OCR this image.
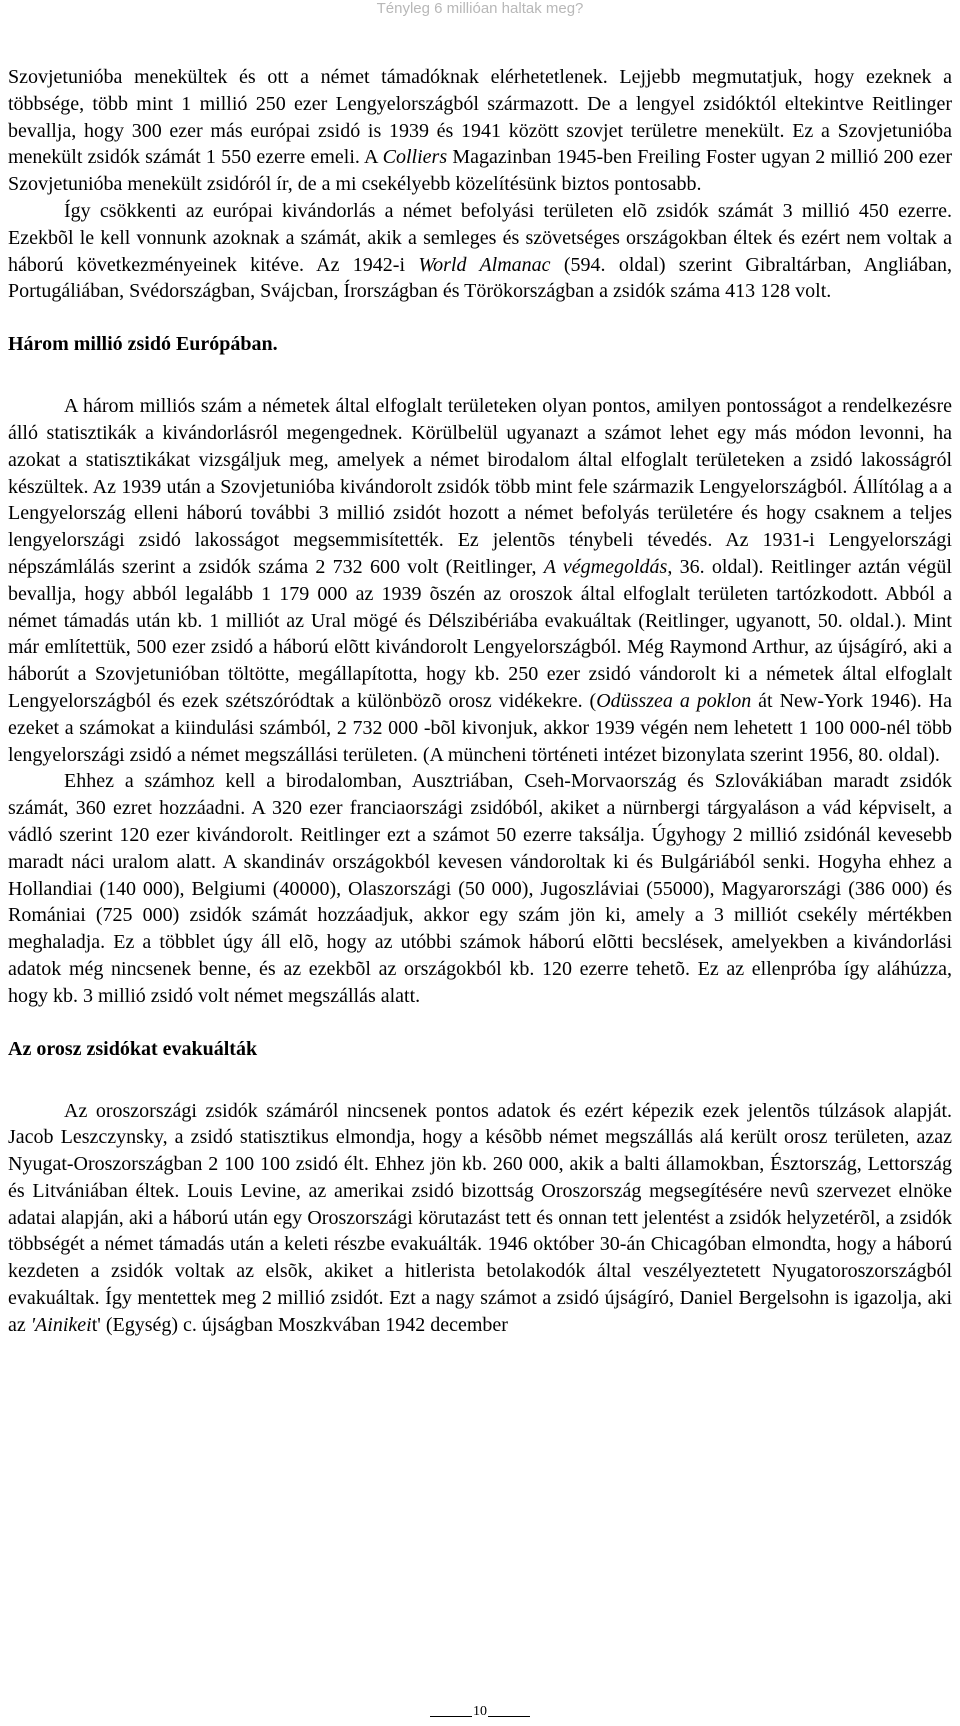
Tényleg 6 millióan haltak meg?

Szovjetunióba menekültek és ott a német támadóknak elérhetetlenek. Lejjebb megmutatjuk, hogy ezeknek a többsége, több mint 1 millió 250 ezer Lengyelországból származott. De a lengyel zsidóktól eltekintve Reitlinger bevallja, hogy 300 ezer más európai zsidó is 1939 és 1941 között szovjet területre menekült. Ez a Szovjetunióba menekült zsidók számát 1 550 ezerre emeli. A Colliers Magazinban 1945-ben Freiling Foster ugyan 2 millió 200 ezer Szovjetunióba menekült zsidóról ír, de a mi csekélyebb közelítésünk biztos pontosabb.

Így csökkenti az európai kivándorlás a német befolyási területen elõ zsidók számát 3 millió 450 ezerre. Ezekbõl le kell vonnunk azoknak a számát, akik a semleges és szövetséges országokban éltek és ezért nem voltak a háború következményeinek kitéve. Az 1942-i World Almanac (594. oldal) szerint Gibraltárban, Angliában, Portugáliában, Svédországban, Svájcban, Írországban és Törökországban a zsidók száma 413 128 volt.

Három millió zsidó Európában.

A három milliós szám a németek által elfoglalt területeken olyan pontos, amilyen pontosságot a rendelkezésre álló statisztikák a kivándorlásról megengednek. Körülbelül ugyanazt a számot lehet egy más módon levonni, ha azokat a statisztikákat vizsgáljuk meg, amelyek a német birodalom által elfoglalt területeken a zsidó lakosságról készültek. Az 1939 után a Szovjetunióba kivándorolt zsidók több mint fele származik Lengyelországból. Állítólag a a Lengyelország elleni háború további 3 millió zsidót hozott a német befolyás területére és hogy csaknem a teljes lengyelországi zsidó lakosságot megsemmisítették. Ez jelentõs ténybeli tévedés. Az 1931-i Lengyelországi népszámlálás szerint a zsidók száma 2 732 600 volt (Reitlinger, A végmegoldás, 36. oldal). Reitlinger aztán végül bevallja, hogy abból legalább 1 179 000 az 1939 õszén az oroszok által elfoglalt területen tartózkodott. Abból a német támadás után kb. 1 milliót az Ural mögé és Délszibériába evakuáltak (Reitlinger, ugyanott, 50. oldal.). Mint már említettük, 500 ezer zsidó a háború elõtt kivándorolt Lengyelországból. Még Raymond Arthur, az újságíró, aki a háborút a Szovjetunióban töltötte, megállapította, hogy kb. 250 ezer zsidó vándorolt ki a németek által elfoglalt Lengyelországból és ezek szétszóródtak a különbözõ orosz vidékekre. (Odüsszea a poklon át New-York 1946). Ha ezeket a számokat a kiindulási számból, 2 732 000 -bõl kivonjuk, akkor 1939 végén nem lehetett 1 100 000-nél több lengyelországi zsidó a német megszállási területen. (A müncheni történeti intézet bizonylata szerint 1956, 80. oldal).

Ehhez a számhoz kell a birodalomban, Ausztriában, Cseh-Morvaország és Szlovákiában maradt zsidók számát, 360 ezret hozzáadni. A 320 ezer franciaországi zsidóból, akiket a nürnbergi tárgyaláson a vád képviselt, a vádló szerint 120 ezer kivándorolt. Reitlinger ezt a számot 50 ezerre taksálja. Úgyhogy 2 millió zsidónál kevesebb maradt náci uralom alatt. A skandináv országokból kevesen vándoroltak ki és Bulgáriából senki. Hogyha ehhez a Hollandiai (140 000), Belgiumi (40000), Olaszországi (50 000), Jugoszláviai (55000), Magyarországi (386 000) és Romániai (725 000) zsidók számát hozzáadjuk, akkor egy szám jön ki, amely a 3 milliót csekély mértékben meghaladja. Ez a többlet úgy áll elõ, hogy az utóbbi számok háború elõtti becslések, amelyekben a kivándorlási adatok még nincsenek benne, és az ezekbõl az országokból kb. 120 ezerre tehetõ. Ez az ellenpróba így aláhúzza, hogy kb. 3 millió zsidó volt német megszállás alatt.

Az orosz zsidókat evakuálták

Az oroszországi zsidók számáról nincsenek pontos adatok és ezért képezik ezek jelentõs túlzások alapját. Jacob Leszczynsky, a zsidó statisztikus elmondja, hogy a késõbb német megszállás alá került orosz területen, azaz Nyugat-Oroszországban 2 100 100 zsidó élt. Ehhez jön kb. 260 000, akik a balti államokban, Észtország, Lettország és Litvániában éltek. Louis Levine, az amerikai zsidó bizottság Oroszország megsegítésére nevû szervezet elnöke adatai alapján, aki a háború után egy Oroszországi körutazást tett és onnan tett jelentést a zsidók helyzetérõl, a zsidók többségét a német támadás után a keleti részbe evakuálták. 1946 október 30-án Chicagóban elmondta, hogy a háború kezdeten a zsidók voltak az elsõk, akiket a hitlerista betolakodók által veszélyeztetett Nyugatoroszországból evakuáltak. Így mentettek meg 2 millió zsidót. Ezt a nagy számot a zsidó újságíró, Daniel Bergelsohn is igazolja, aki az 'Ainikeit' (Egység) c. újságban Moszkvában 1942 december

10
